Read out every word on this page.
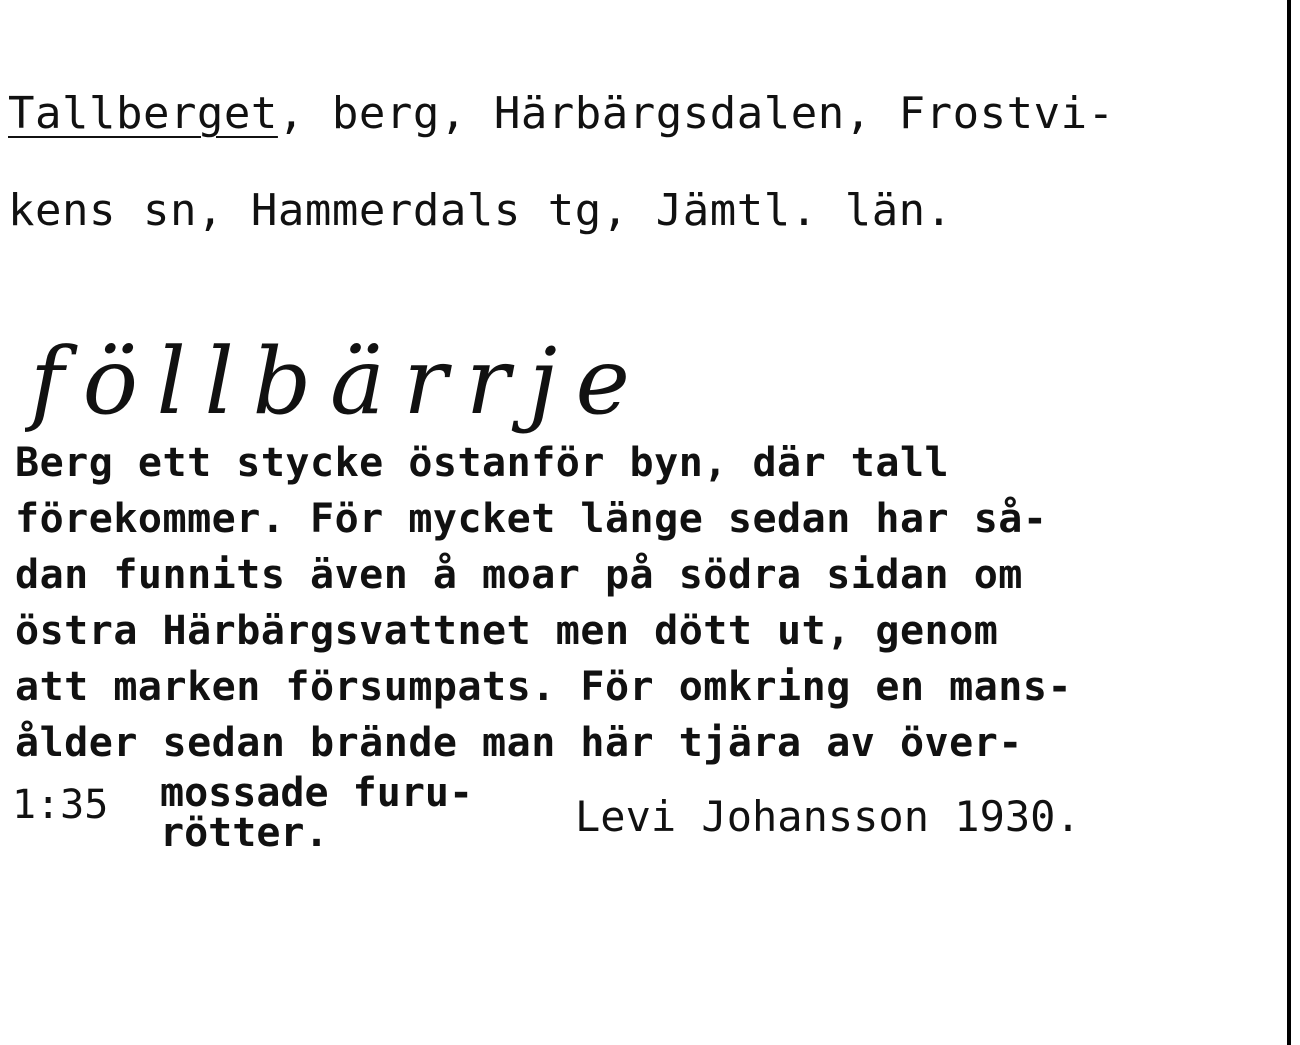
Tallberget, berg, Härbärgsdalen, Frostvi-
kens sn, Hammerdals tg, Jämtl. län.
föllbärrje
Berg ett stycke östanför byn, där tall
förekommer. För mycket länge sedan har så-
dan funnits även å moar på södra sidan om
östra Härbärgsvattnet men dött ut, genom
att marken försumpats. För omkring en mans-
ålder sedan brände man här tjära av över-
1:35 mossade furu-
rötter.	Levi Johansson 1930.
